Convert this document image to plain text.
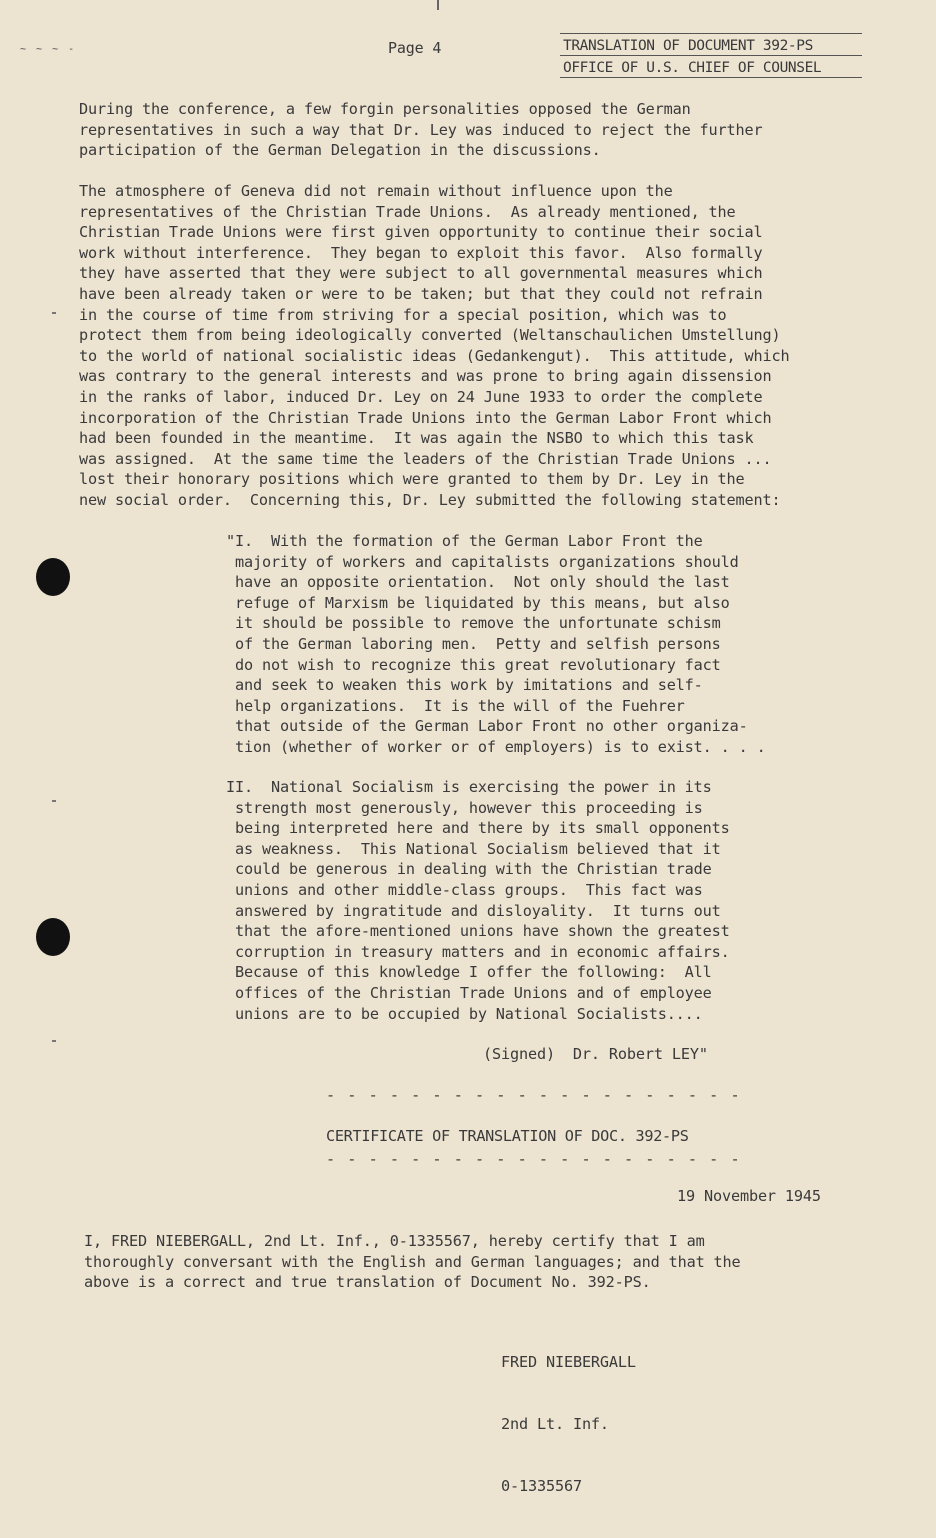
~ ~ ~ -	Page 4	TRANSLATION OF DOCUMENT 392-PS

OFFICE OF U.S. CHIEF OF COUNSEL

During the conference, a few forgin personalities opposed the German
representatives in such a way that Dr. Ley was induced to reject the further
participation of the German Delegation in the discussions.

The atmosphere of Geneva did not remain without influence upon the
representatives of the Christian Trade Unions.  As already mentioned, the
Christian Trade Unions were first given opportunity to continue their social
work without interference.  They began to exploit this favor.  Also formally
they have asserted that they were subject to all governmental measures which
have been already taken or were to be taken; but that they could not refrain
in the course of time from striving for a special position, which was to
protect them from being ideologically converted (Weltanschaulichen Umstellung)
to the world of national socialistic ideas (Gedankengut).  This attitude, which
was contrary to the general interests and was prone to bring again dissension
in the ranks of labor, induced Dr. Ley on 24 June 1933 to order the complete
incorporation of the Christian Trade Unions into the German Labor Front which
had been founded in the meantime.  It was again the NSBO to which this task
was assigned.  At the same time the leaders of the Christian Trade Unions ...
lost their honorary positions which were granted to them by Dr. Ley in the
new social order.  Concerning this, Dr. Ley submitted the following statement:

"I.  With the formation of the German Labor Front the
majority of workers and capitalists organizations should
have an opposite orientation.  Not only should the last
refuge of Marxism be liquidated by this means, but also
it should be possible to remove the unfortunate schism
of the German laboring men.  Petty and selfish persons
do not wish to recognize this great revolutionary fact
and seek to weaken this work by imitations and self-
help organizations.  It is the will of the Fuehrer
that outside of the German Labor Front no other organiza-
tion (whether of worker or of employers) is to exist. . . .

II.  National Socialism is exercising the power in its
strength most generously, however this proceeding is
being interpreted here and there by its small opponents
as weakness.  This National Socialism believed that it
could be generous in dealing with the Christian trade
unions and other middle-class groups.  This fact was
answered by ingratitude and disloyality.  It turns out
that the afore-mentioned unions have shown the greatest
corruption in treasury matters and in economic affairs.
Because of this knowledge I offer the following:  All
offices of the Christian Trade Unions and of employee
unions are to be occupied by National Socialists....

(Signed)  Dr. Robert LEY"

- - - - - - - - - - - - - - - - - - - -

CERTIFICATE OF TRANSLATION OF DOC. 392-PS

- - - - - - - - - - - - - - - - - - - -

19 November 1945

I, FRED NIEBERGALL, 2nd Lt. Inf., 0-1335567, hereby certify that I am
thoroughly conversant with the English and German languages; and that the
above is a correct and true translation of Document No. 392-PS.

FRED NIEBERGALL

2nd Lt. Inf.

0-1335567
